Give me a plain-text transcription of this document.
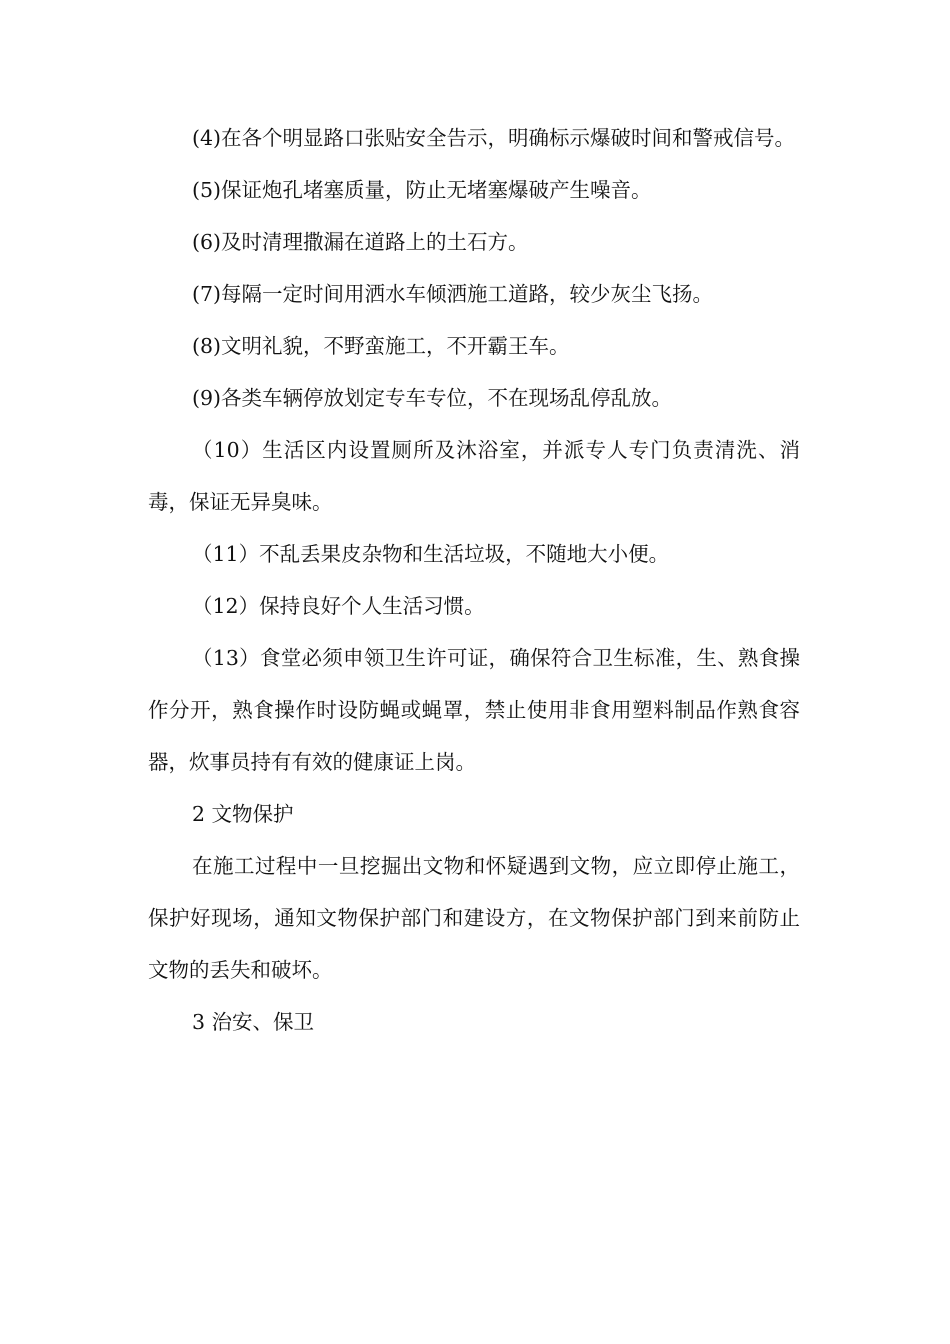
(4)在各个明显路口张贴安全告示，明确标示爆破时间和警戒信号。

(5)保证炮孔堵塞质量，防止无堵塞爆破产生噪音。

(6)及时清理撒漏在道路上的土石方。

(7)每隔一定时间用洒水车倾洒施工道路，较少灰尘飞扬。

(8)文明礼貌，不野蛮施工，不开霸王车。

(9)各类车辆停放划定专车专位，不在现场乱停乱放。

（10）生活区内设置厕所及沐浴室，并派专人专门负责清洗、消毒，保证无异臭味。

（11）不乱丢果皮杂物和生活垃圾，不随地大小便。

（12）保持良好个人生活习惯。

（13）食堂必须申领卫生许可证，确保符合卫生标准，生、熟食操作分开，熟食操作时设防蝇或蝇罩，禁止使用非食用塑料制品作熟食容器，炊事员持有有效的健康证上岗。

2 文物保护

在施工过程中一旦挖掘出文物和怀疑遇到文物，应立即停止施工，保护好现场，通知文物保护部门和建设方，在文物保护部门到来前防止文物的丢失和破坏。

3 治安、保卫
